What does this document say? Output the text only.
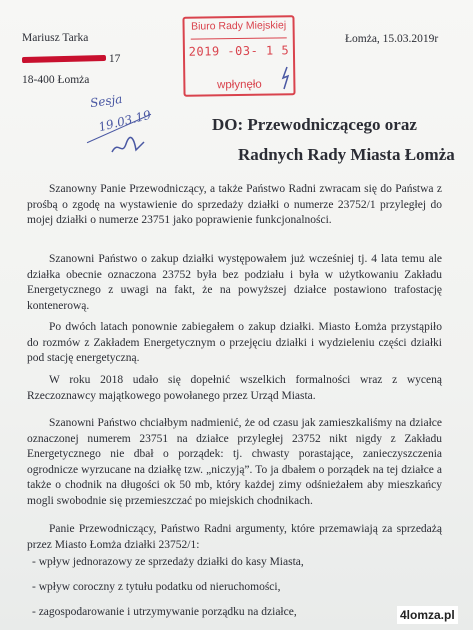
Mariusz Tarka
17
18-400 Łomża
Biuro Rady Miejskiej
2019 -03- 1 5
wpłynęło
Łomża, 15.03.2019r
Sesja
19.03.19	DO: Przewodniczącego oraz
Radnych Rady Miasta Łomża
Szanowny Panie Przewodniczący, a także Państwo Radni zwracam się do Państwa z prośbą o zgodę na wystawienie do sprzedaży działki o numerze 23752/1 przyległej do mojej działki o numerze 23751 jako poprawienie funkcjonalności.
Szanowni Państwo o zakup działki występowałem już wcześniej tj. 4 lata temu ale działka obecnie oznaczona 23752 była bez podziału i była w użytkowaniu Zakładu Energetycznego z uwagi na fakt, że na powyższej działce postawiono trafostację kontenerową.
Po dwóch latach ponownie zabiegałem o zakup działki. Miasto Łomża przystąpiło do rozmów z Zakładem Energetycznym o przejęciu działki i wydzieleniu części działki pod stację energetyczną.
W roku 2018 udało się dopełnić wszelkich formalności wraz z wyceną Rzeczoznawcy majątkowego powołanego przez Urząd Miasta.
Szanowni Państwo chciałbym nadmienić, że od czasu jak zamieszkaliśmy na działce oznaczonej numerem 23751 na działce przyległej 23752 nikt nigdy z Zakładu Energetycznego nie dbał o porządek: tj. chwasty porastające, zanieczyszczenia ogrodnicze wyrzucane na działkę tzw. „niczyją”. To ja dbałem o porządek na tej działce a także o chodnik na długości ok 50 mb, który każdej zimy odśnieżałem aby mieszkańcy mogli swobodnie się przemieszczać po miejskich chodnikach.
Panie Przewodniczący, Państwo Radni argumenty, które przemawiają za sprzedażą przez Miasto Łomża działki 23752/1:
- wpływ jednorazowy ze sprzedaży działki do kasy Miasta,
- wpływ coroczny z tytułu podatku od nieruchomości,
- zagospodarowanie i utrzymywanie porządku na działce,	4lomza.pl
